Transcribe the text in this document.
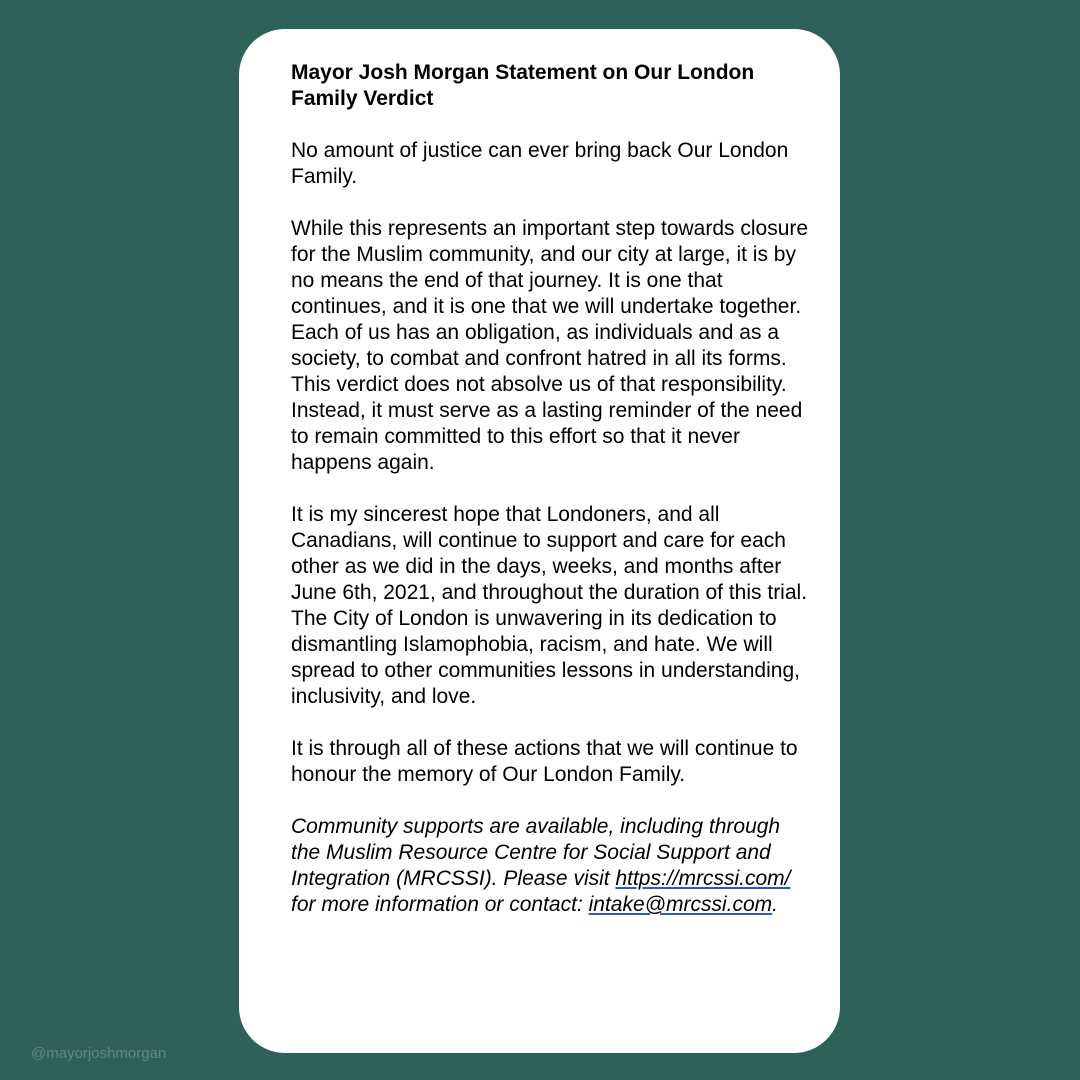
Mayor Josh Morgan Statement on Our London Family Verdict
No amount of justice can ever bring back Our London Family.
While this represents an important step towards closure for the Muslim community, and our city at large, it is by no means the end of that journey. It is one that continues, and it is one that we will undertake together. Each of us has an obligation, as individuals and as a society, to combat and confront hatred in all its forms. This verdict does not absolve us of that responsibility. Instead, it must serve as a lasting reminder of the need to remain committed to this effort so that it never happens again.
It is my sincerest hope that Londoners, and all Canadians, will continue to support and care for each other as we did in the days, weeks, and months after June 6th, 2021, and throughout the duration of this trial. The City of London is unwavering in its dedication to dismantling Islamophobia, racism, and hate. We will spread to other communities lessons in understanding, inclusivity, and love.
It is through all of these actions that we will continue to honour the memory of Our London Family.
Community supports are available, including through the Muslim Resource Centre for Social Support and Integration (MRCSSI). Please visit https://mrcssi.com/ for more information or contact: intake@mrcssi.com.
@mayorjoshmorgan
